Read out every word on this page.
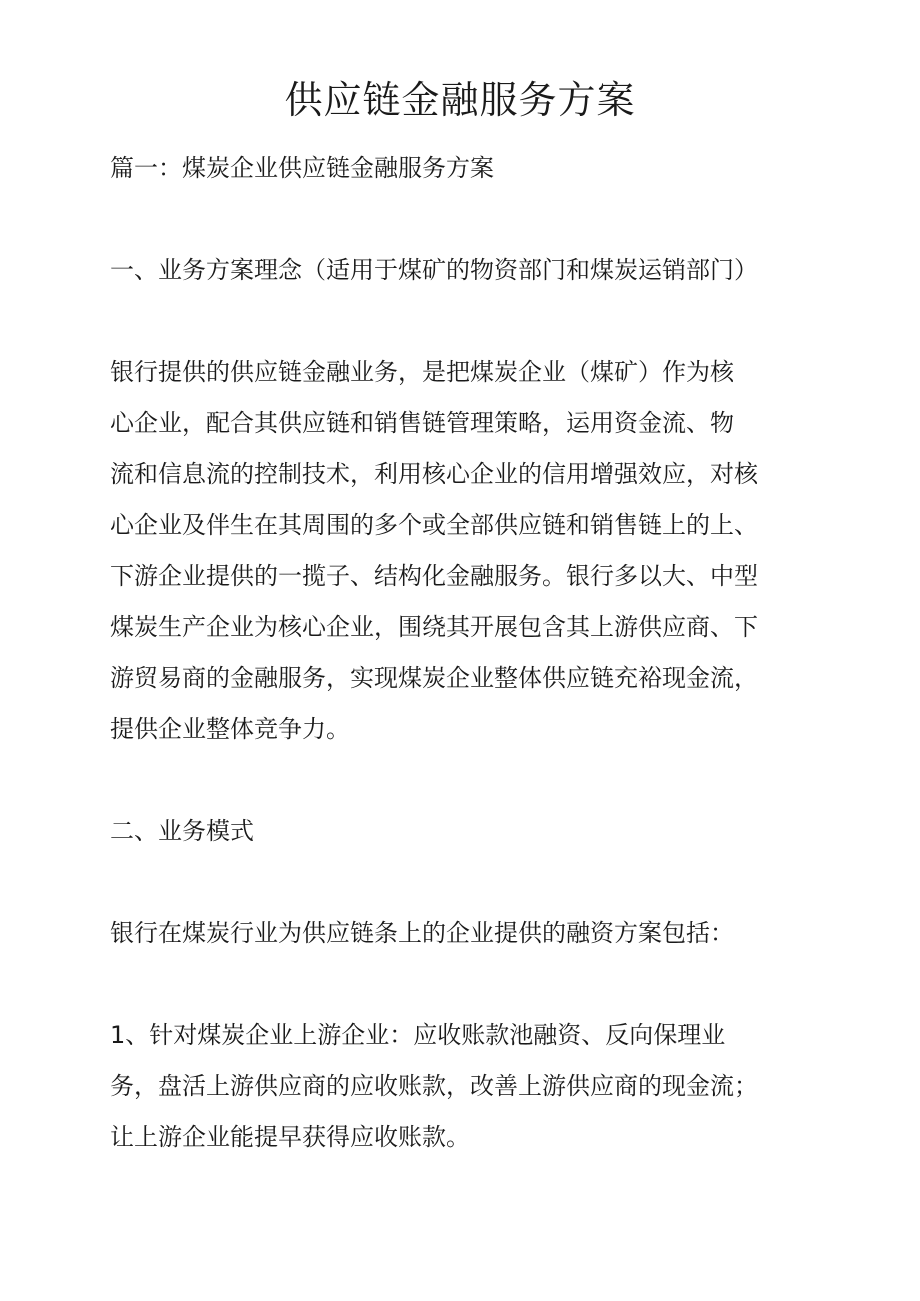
供应链金融服务方案

篇一：煤炭企业供应链金融服务方案

一、业务方案理念（适用于煤矿的物资部门和煤炭运销部门）

银行提供的供应链金融业务，是把煤炭企业（煤矿）作为核
心企业，配合其供应链和销售链管理策略，运用资金流、物
流和信息流的控制技术，利用核心企业的信用增强效应，对核
心企业及伴生在其周围的多个或全部供应链和销售链上的上、
下游企业提供的一揽子、结构化金融服务。银行多以大、中型
煤炭生产企业为核心企业，围绕其开展包含其上游供应商、下
游贸易商的金融服务，实现煤炭企业整体供应链充裕现金流，
提供企业整体竞争力。

二、业务模式

银行在煤炭行业为供应链条上的企业提供的融资方案包括：

1、针对煤炭企业上游企业：应收账款池融资、反向保理业
务，盘活上游供应商的应收账款，改善上游供应商的现金流；
让上游企业能提早获得应收账款。
